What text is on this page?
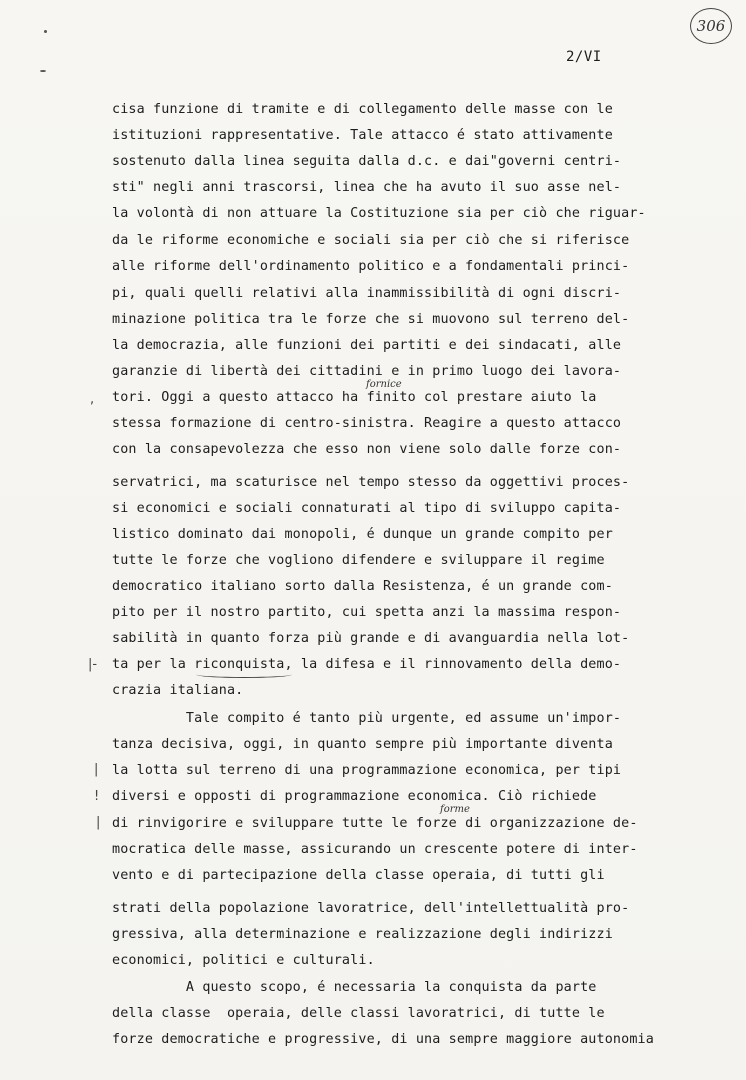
306
2/VI
cisa funzione di tramite e di collegamento delle masse con le
istituzioni rappresentative. Tale attacco é stato attivamente
sostenuto dalla linea seguita dalla d.c. e dai"governi centri-
sti" negli anni trascorsi, linea che ha avuto il suo asse nel-
la volontà di non attuare la Costituzione sia per ciò che riguar-
da le riforme economiche e sociali sia per ciò che si riferisce
alle riforme dell'ordinamento politico e a fondamentali princi-
pi, quali quelli relativi alla inammissibilità di ogni discri-
minazione politica tra le forze che si muovono sul terreno del-
la democrazia, alle funzioni dei partiti e dei sindacati, alle
garanzie di libertà dei cittadini e in primo luogo dei lavora-
tori. Oggi a questo attacco ha finito col prestare aiuto la
stessa formazione di centro-sinistra. Reagire a questo attacco
con la consapevolezza che esso non viene solo dalle forze con-
servatrici, ma scaturisce nel tempo stesso da oggettivi proces-
si economici e sociali connaturati al tipo di sviluppo capita-
listico dominato dai monopoli, é dunque un grande compito per
tutte le forze che vogliono difendere e sviluppare il regime
democratico italiano sorto dalla Resistenza, é un grande com-
pito per il nostro partito, cui spetta anzi la massima respon-
sabilità in quanto forza più grande e di avanguardia nella lot-
ta per la riconquista, la difesa e il rinnovamento della demo-
crazia italiana.
Tale compito é tanto più urgente, ed assume un'impor-
tanza decisiva, oggi, in quanto sempre più importante diventa
la lotta sul terreno di una programmazione economica, per tipi
diversi e opposti di programmazione economica. Ciò richiede
di rinvigorire e sviluppare tutte le forze di organizzazione de-
mocratica delle masse, assicurando un crescente potere di inter-
vento e di partecipazione della classe operaia, di tutti gli
strati della popolazione lavoratrice, dell'intellettualità pro-
gressiva, alla determinazione e realizzazione degli indirizzi
economici, politici e culturali.
A questo scopo, é necessaria la conquista da parte
della classe  operaia, delle classi lavoratrici, di tutte le
forze democratiche e progressive, di una sempre maggiore autonomia
fornice
forme
,
|-
|
!
|
